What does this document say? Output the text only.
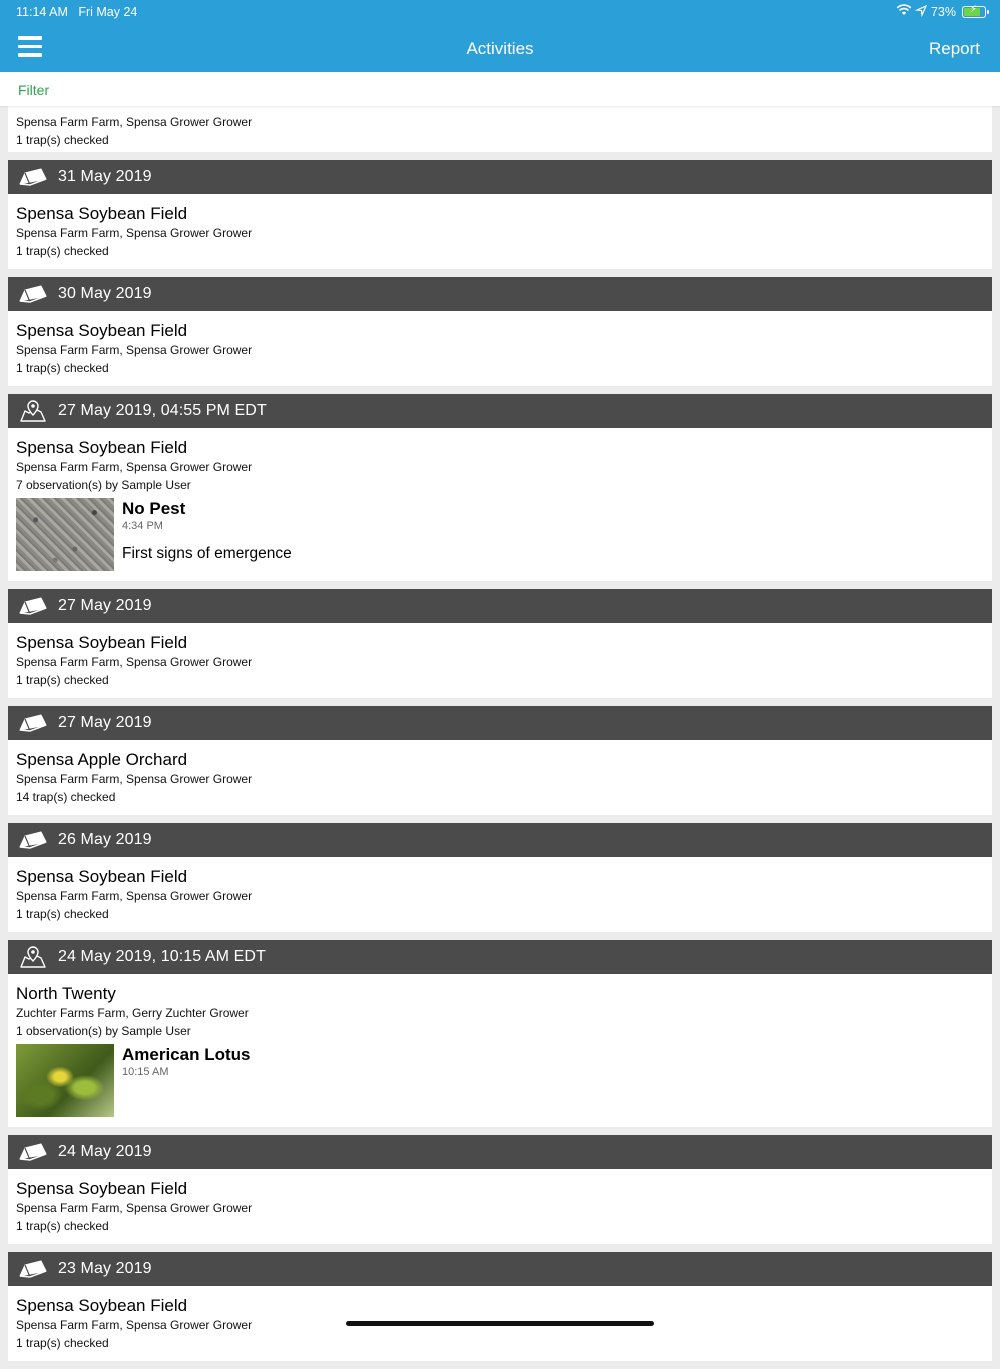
11:14 AM Fri May 24	73% ⚡
Activities	Report
Filter
Spensa Farm Farm, Spensa Grower Grower
1 trap(s) checked
31 May 2019
Spensa Soybean Field
Spensa Farm Farm, Spensa Grower Grower
1 trap(s) checked
30 May 2019
Spensa Soybean Field
Spensa Farm Farm, Spensa Grower Grower
1 trap(s) checked
27 May 2019, 04:55 PM EDT
Spensa Soybean Field
Spensa Farm Farm, Spensa Grower Grower
7 observation(s) by Sample User
No Pest
4:34 PM
First signs of emergence
27 May 2019
Spensa Soybean Field
Spensa Farm Farm, Spensa Grower Grower
1 trap(s) checked
27 May 2019
Spensa Apple Orchard
Spensa Farm Farm, Spensa Grower Grower
14 trap(s) checked
26 May 2019
Spensa Soybean Field
Spensa Farm Farm, Spensa Grower Grower
1 trap(s) checked
24 May 2019, 10:15 AM EDT
North Twenty
Zuchter Farms Farm, Gerry Zuchter Grower
1 observation(s) by Sample User
American Lotus
10:15 AM
24 May 2019
Spensa Soybean Field
Spensa Farm Farm, Spensa Grower Grower
1 trap(s) checked
23 May 2019
Spensa Soybean Field
Spensa Farm Farm, Spensa Grower Grower
1 trap(s) checked
